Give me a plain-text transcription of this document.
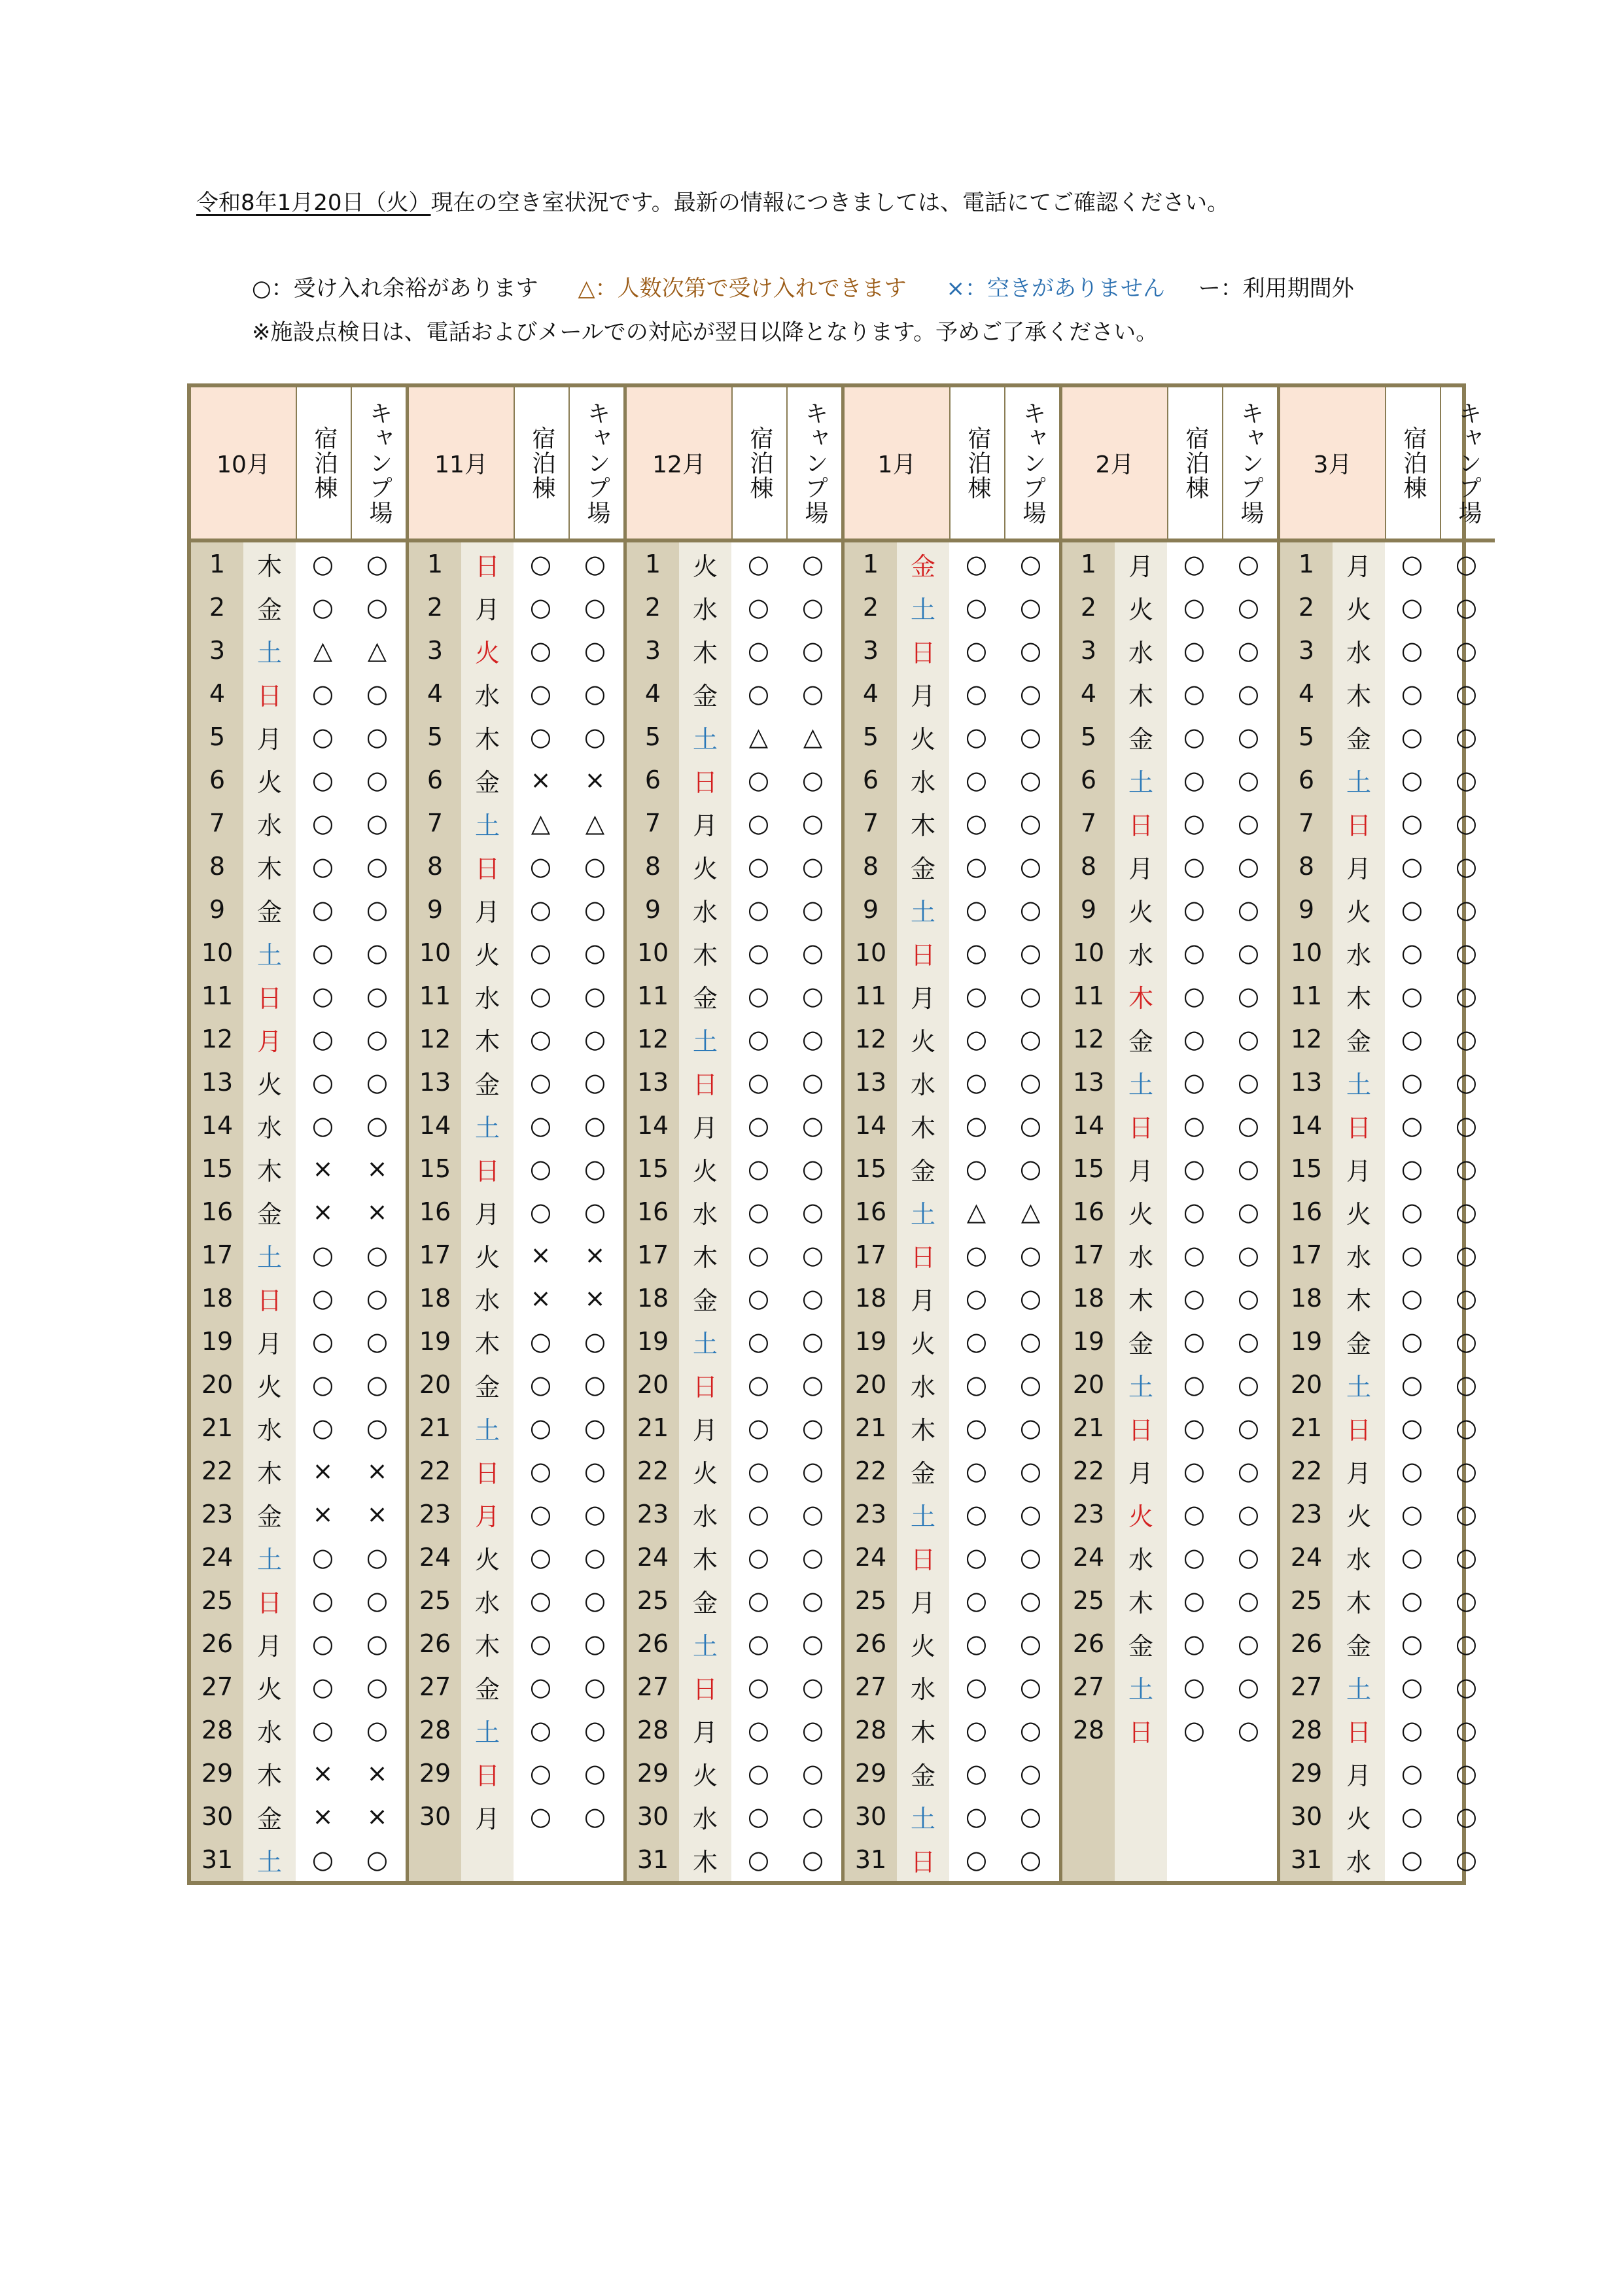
令和8年1月20日（火）現在の空き室状況です。最新の情報につきましては、電話にてご確認ください。
○：受け入れ余裕があります △：人数次第で受け入れできます ×：空きがありません ー：利用期間外
※施設点検日は、電話およびメールでの対応が翌日以降となります。予めご了承ください。
10月	宿泊棟	キャンプ場
1	木	○	○
2	金	○	○
3	土	△	△
4	日	○	○
5	月	○	○
6	火	○	○
7	水	○	○
8	木	○	○
9	金	○	○
10 土	○	○
11 日	○	○
12 月	○	○
13 火	○	○
14 水	○	○
15 木	×	×
16 金	×	×
17 土	○	○
18 日	○	○
19 月	○	○
20 火	○	○
21 水	○	○
22 木	×	×
23 金	×	×
24 土	○	○
25 日	○	○
26 月	○	○
27 火	○	○
28 水	○	○
29 木	×	×
30 金	×	×
31 土	○	○
11月	宿泊棟	キャンプ場
1	日	○	○
2	月	○	○
3	火	○	○
4	水	○	○
5	木	○	○
6	金	×	×
7	土	△	△
8	日	○	○
9	月	○	○
10 火	○	○
11 水	○	○
12 木	○	○
13 金	○	○
14 土	○	○
15 日	○	○
16 月	○	○
17 火	×	×
18 水	×	×
19 木	○	○
20 金	○	○
21 土	○	○
22 日	○	○
23 月	○	○
24 火	○	○
25 水	○	○
26 木	○	○
27 金	○	○
28 土	○	○
29 日	○	○
30 月	○	○
12月	宿泊棟	キャンプ場
1	火	○	○
2	水	○	○
3	木	○	○
4	金	○	○
5	土	△	△
6	日	○	○
7	月	○	○
8	火	○	○
9	水	○	○
10 木	○	○
11 金	○	○
12 土	○	○
13 日	○	○
14 月	○	○
15 火	○	○
16 水	○	○
17 木	○	○
18 金	○	○
19 土	○	○
20 日	○	○
21 月	○	○
22 火	○	○
23 水	○	○
24 木	○	○
25 金	○	○
26 土	○	○
27 日	○	○
28 月	○	○
29 火	○	○
30 水	○	○
31 木	○	○
1月	宿泊棟	キャンプ場
1	金	○	○
2	土	○	○
3	日	○	○
4	月	○	○
5	火	○	○
6	水	○	○
7	木	○	○
8	金	○	○
9	土	○	○
10 日	○	○
11 月	○	○
12 火	○	○
13 水	○	○
14 木	○	○
15 金	○	○
16 土	△	△
17 日	○	○
18 月	○	○
19 火	○	○
20 水	○	○
21 木	○	○
22 金	○	○
23 土	○	○
24 日	○	○
25 月	○	○
26 火	○	○
27 水	○	○
28 木	○	○
29 金	○	○
30 土	○	○
31 日	○	○
2月	宿泊棟	キャンプ場
1	月	○	○
2	火	○	○
3	水	○	○
4	木	○	○
5	金	○	○
6	土	○	○
7	日	○	○
8	月	○	○
9	火	○	○
10 水	○	○
11 木	○	○
12 金	○	○
13 土	○	○
14 日	○	○
15 月	○	○
16 火	○	○
17 水	○	○
18 木	○	○
19 金	○	○
20 土	○	○
21 日	○	○
22 月	○	○
23 火	○	○
24 水	○	○
25 木	○	○
26 金	○	○
27 土	○	○
28 日	○	○
3月	宿泊棟	キャンプ場
1	月	○	○
2	火	○	○
3	水	○	○
4	木	○	○
5	金	○	○
6	土	○	○
7	日	○	○
8	月	○	○
9	火	○	○
10 水	○	○
11 木	○	○
12 金	○	○
13 土	○	○
14 日	○	○
15 月	○	○
16 火	○	○
17 水	○	○
18 木	○	○
19 金	○	○
20 土	○	○
21 日	○	○
22 月	○	○
23 火	○	○
24 水	○	○
25 木	○	○
26 金	○	○
27 土	○	○
28 日	○	○
29 月	○	○
30 火	○	○
31 水	○	○
